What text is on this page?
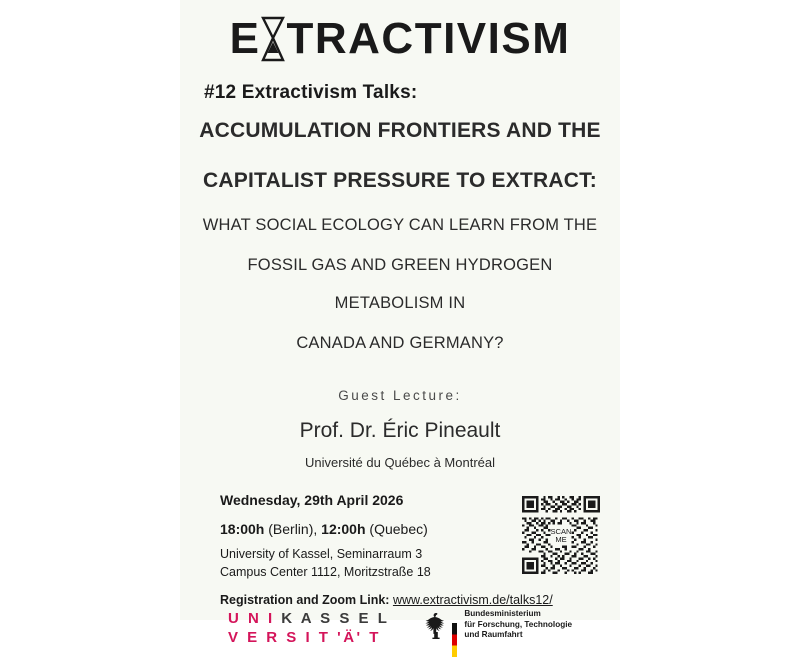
E TRACTIVISM
#12 Extractivism Talks:
ACCUMULATION FRONTIERS AND THE
CAPITALIST PRESSURE TO EXTRACT:
WHAT SOCIAL ECOLOGY CAN LEARN FROM THE
FOSSIL GAS AND GREEN HYDROGEN METABOLISM IN
CANADA AND GERMANY?
Guest Lecture:
Prof. Dr. Éric Pineault
Université du Québec à Montréal
Wednesday, 29th April 2026
18:00h (Berlin), 12:00h (Quebec)
University of Kassel, Seminarraum 3
Campus Center 1112, Moritzstraße 18
Registration and Zoom Link: www.extractivism.de/talks12/
SCAN
ME
U N I K A S S E L
V E R S I T 'Ä' T
Bundesministerium
für Forschung, Technologie
und Raumfahrt
